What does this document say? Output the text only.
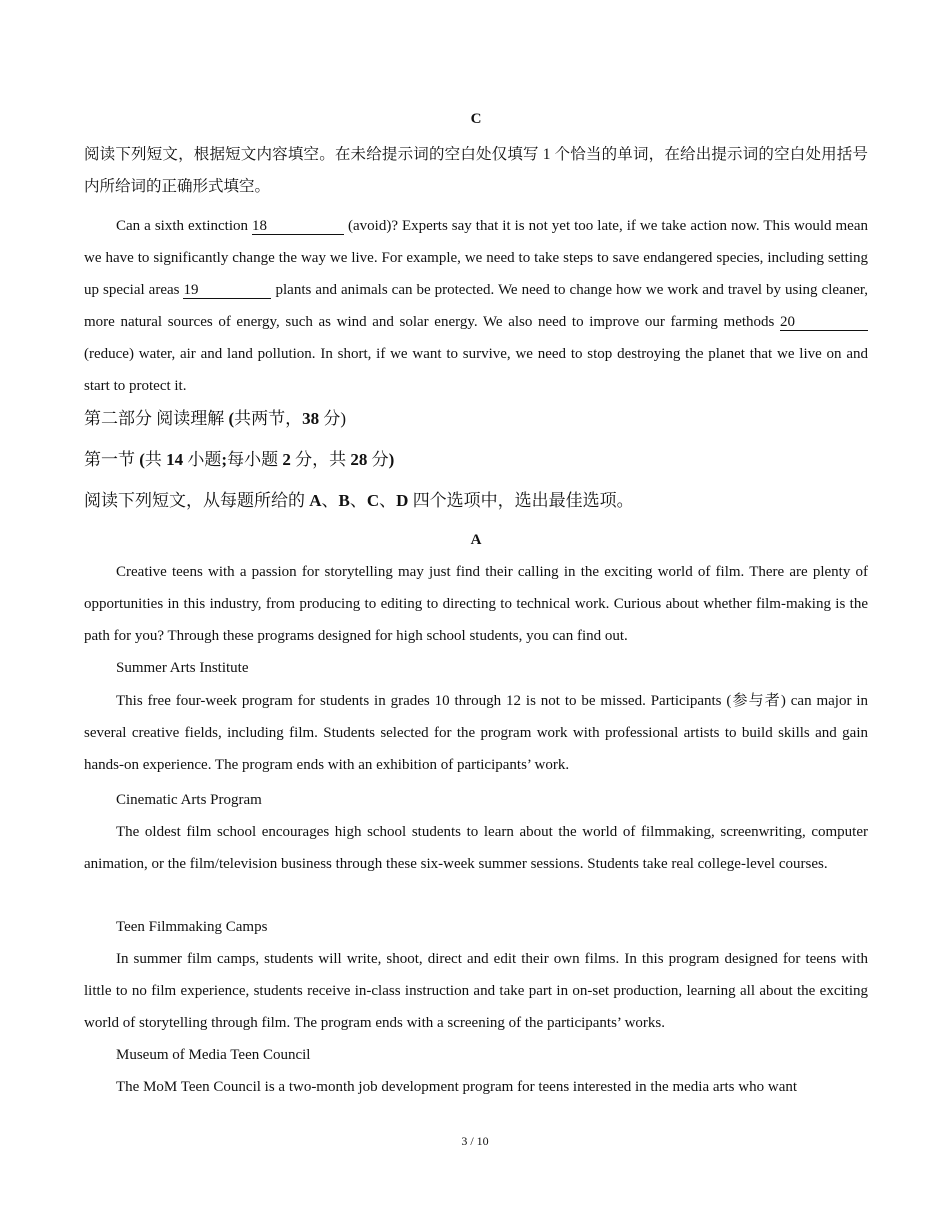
C
阅读下列短文，根据短文内容填空。在未给提示词的空白处仅填写 1 个恰当的单词，在给出提示词的空白处用括号内所给词的正确形式填空。
Can a sixth extinction 18	(avoid)? Experts say that it is not yet too late, if we take action now. This would mean we have to significantly change the way we live. For example, we need to take steps to save endangered species, including setting up special areas 19	plants and animals can be protected. We need to change how we work and travel by using cleaner, more natural sources of energy, such as wind and solar energy. We also need to improve our farming methods 20 (reduce) water, air and land pollution. In short, if we want to survive, we need to stop destroying the planet that we live on and start to protect it.
第二部分 阅读理解 (共两节，38 分)
第一节 (共 14 小题;每小题 2 分，共 28 分)
阅读下列短文，从每题所给的 A、B、C、D 四个选项中，选出最佳选项。
A
Creative teens with a passion for storytelling may just find their calling in the exciting world of film. There are plenty of opportunities in this industry, from producing to editing to directing to technical work. Curious about whether film-making is the path for you? Through these programs designed for high school students, you can find out.
Summer Arts Institute
This free four-week program for students in grades 10 through 12 is not to be missed. Participants (参与者) can major in several creative fields, including film. Students selected for the program work with professional artists to build skills and gain hands-on experience. The program ends with an exhibition of participants’ work.
Cinematic Arts Program
The oldest film school encourages high school students to learn about the world of filmmaking, screenwriting, computer animation, or the film/television business through these six-week summer sessions. Students take real college-level courses.
Teen Filmmaking Camps
In summer film camps, students will write, shoot, direct and edit their own films. In this program designed for teens with little to no film experience, students receive in-class instruction and take part in on-set production, learning all about the exciting world of storytelling through film. The program ends with a screening of the participants’ works.
Museum of Media Teen Council
The MoM Teen Council is a two-month job development program for teens interested in the media arts who want
3 / 10
